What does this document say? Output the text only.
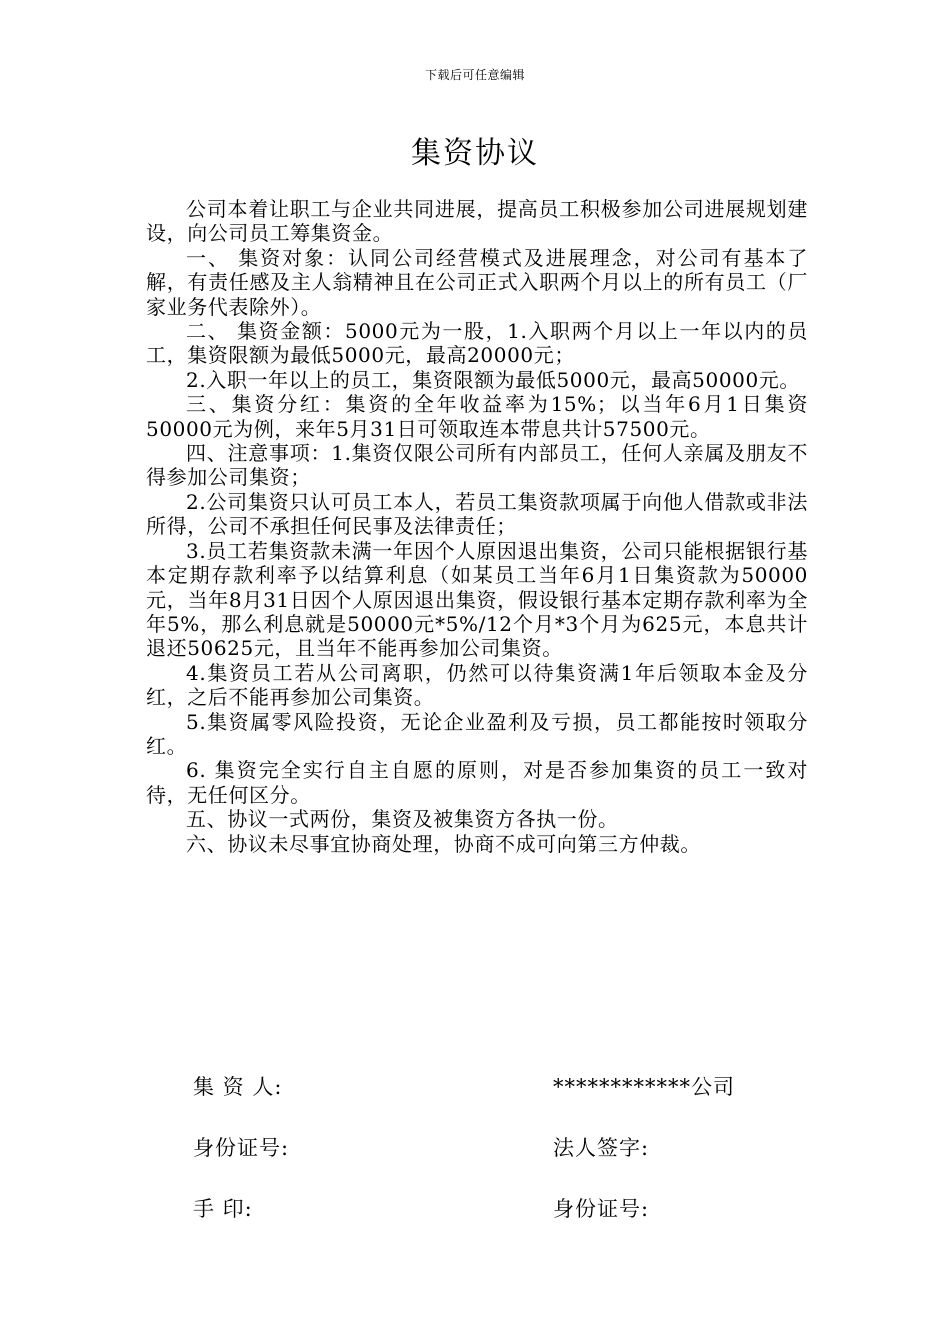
下载后可任意编辑
集资协议

公司本着让职工与企业共同进展，提高员工积极参加公司进展规划建设，向公司员工筹集资金。

一、 集资对象：认同公司经营模式及进展理念，对公司有基本了解，有责任感及主人翁精神且在公司正式入职两个月以上的所有员工（厂家业务代表除外）。

二、 集资金额：5000元为一股，1.入职两个月以上一年以内的员工，集资限额为最低5000元，最高20000元；

2.入职一年以上的员工，集资限额为最低5000元，最高50000元。

三、集资分红：集资的全年收益率为15%；以当年6月1日集资50000元为例，来年5月31日可领取连本带息共计57500元。

四、注意事项：1.集资仅限公司所有内部员工，任何人亲属及朋友不得参加公司集资；

2.公司集资只认可员工本人，若员工集资款项属于向他人借款或非法所得，公司不承担任何民事及法律责任；

3.员工若集资款未满一年因个人原因退出集资，公司只能根据银行基本定期存款利率予以结算利息（如某员工当年6月1日集资款为50000元，当年8月31日因个人原因退出集资，假设银行基本定期存款利率为全年5%，那么利息就是50000元*5%/12个月*3个月为625元，本息共计退还50625元，且当年不能再参加公司集资。

4.集资员工若从公司离职，仍然可以待集资满1年后领取本金及分红，之后不能再参加公司集资。

5.集资属零风险投资，无论企业盈利及亏损，员工都能按时领取分红。

6. 集资完全实行自主自愿的原则，对是否参加集资的员工一致对待，无任何区分。

五、协议一式两份，集资及被集资方各执一份。

六、协议未尽事宜协商处理，协商不成可向第三方仲裁。

集 资 人:	************公司
身份证号:	法人签字:
手 印:	身份证号:
